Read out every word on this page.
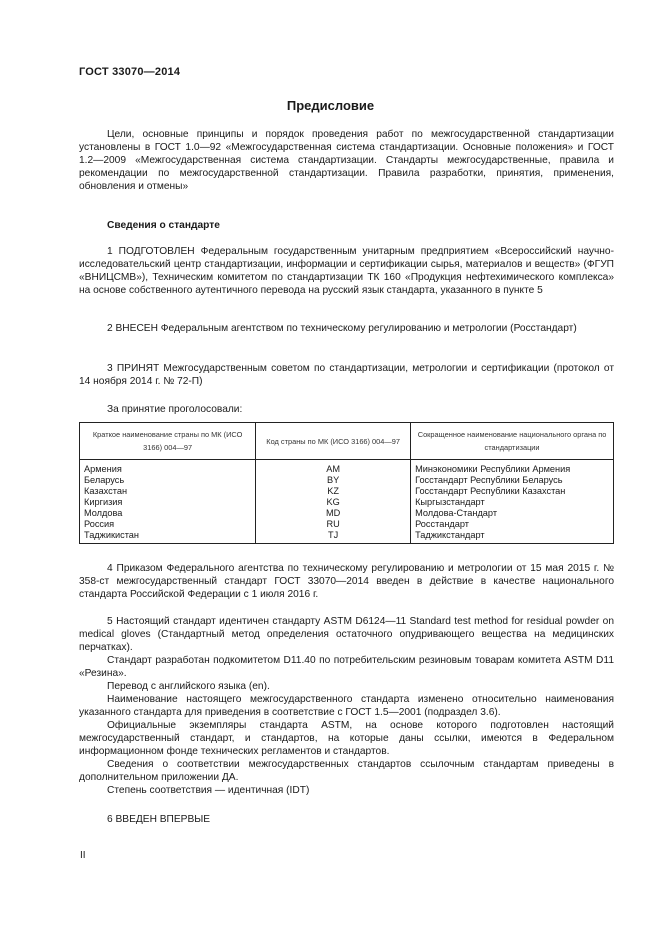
ГОСТ 33070—2014
Предисловие

Цели, основные принципы и порядок проведения работ по межгосударственной стандартизации установлены в ГОСТ 1.0—92 «Межгосударственная система стандартизации. Основные положения» и ГОСТ 1.2—2009 «Межгосударственная система стандартизации. Стандарты межгосударственные, правила и рекомендации по межгосударственной стандартизации. Правила разработки, принятия, применения, обновления и отмены»

Сведения о стандарте

1 ПОДГОТОВЛЕН Федеральным государственным унитарным предприятием «Всероссийский научно-исследовательский центр стандартизации, информации и сертификации сырья, материалов и веществ» (ФГУП «ВНИЦСМВ»), Техническим комитетом по стандартизации ТК 160 «Продукция нефтехимического комплекса» на основе собственного аутентичного перевода на русский язык стандарта, указанного в пункте 5

2 ВНЕСЕН Федеральным агентством по техническому регулированию и метрологии (Росстандарт)

3 ПРИНЯТ Межгосударственным советом по стандартизации, метрологии и сертификации (протокол от 14 ноября 2014 г. № 72-П)

За принятие проголосовали:

Краткое наименование страны по МК (ИСО 3166) 004—97	Код страны по МК (ИСО 3166) 004—97	Сокращенное наименование национального органа по стандартизации
Армения	AM	Минэкономики Республики Армения
Беларусь	BY	Госстандарт Республики Беларусь
Казахстан	KZ	Госстандарт Республики Казахстан
Киргизия	KG	Кыргызстандарт
Молдова	MD	Молдова-Стандарт
Россия	RU	Росстандарт
Таджикистан	TJ	Таджикстандарт

4 Приказом Федерального агентства по техническому регулированию и метрологии от 15 мая 2015 г. № 358-ст межгосударственный стандарт ГОСТ 33070—2014 введен в действие в качестве национального стандарта Российской Федерации с 1 июля 2016 г.

5 Настоящий стандарт идентичен стандарту ASTM D6124—11 Standard test method for residual powder on medical gloves (Стандартный метод определения остаточного опудривающего вещества на медицинских перчатках).

Стандарт разработан подкомитетом D11.40 по потребительским резиновым товарам комитета ASTM D11 «Резина».

Перевод с английского языка (en).

Наименование настоящего межгосударственного стандарта изменено относительно наименования указанного стандарта для приведения в соответствие с ГОСТ 1.5—2001 (подраздел 3.6).

Официальные экземпляры стандарта ASTM, на основе которого подготовлен настоящий межгосударственный стандарт, и стандартов, на которые даны ссылки, имеются в Федеральном информационном фонде технических регламентов и стандартов.

Сведения о соответствии межгосударственных стандартов ссылочным стандартам приведены в дополнительном приложении ДА.

Степень соответствия — идентичная (IDT)

6 ВВЕДЕН ВПЕРВЫЕ

II
